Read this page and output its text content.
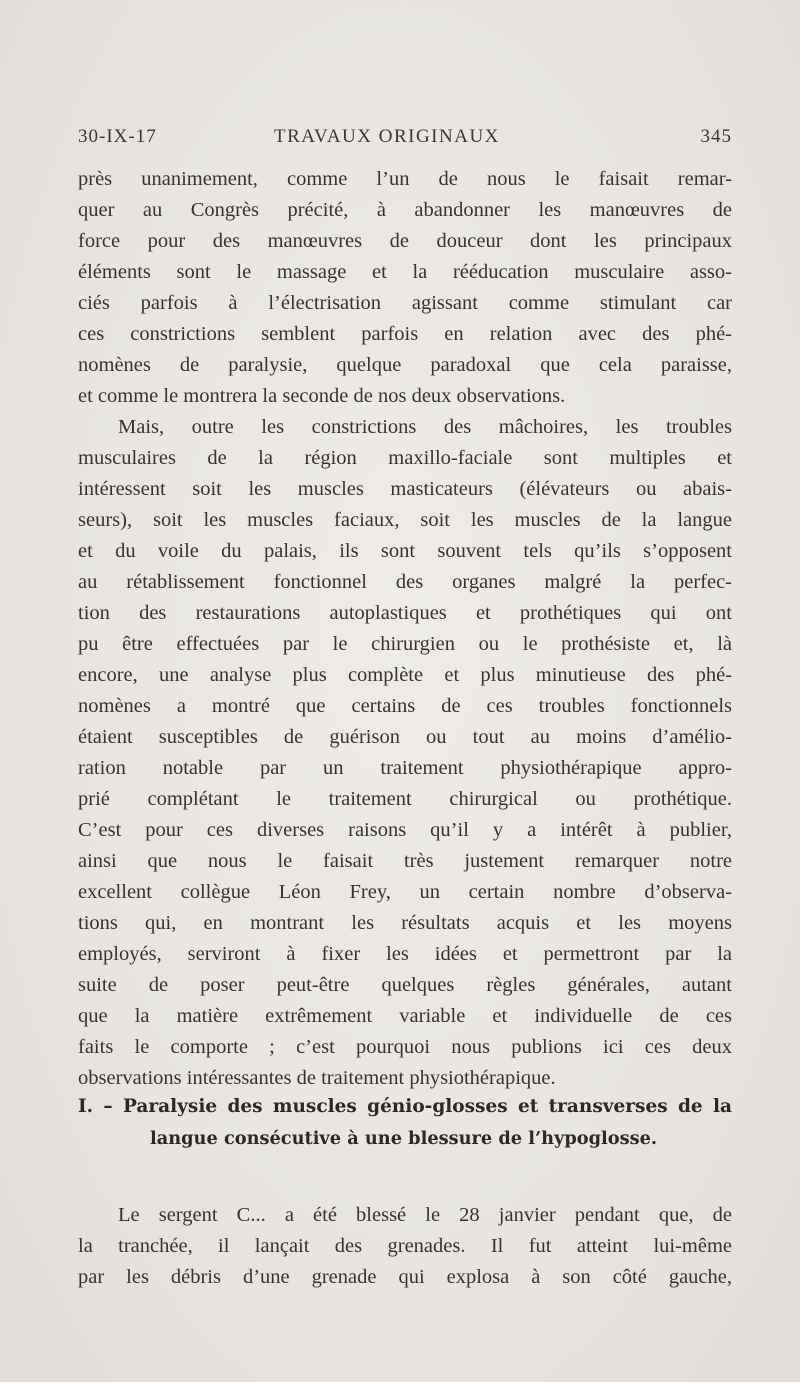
30-IX-17	TRAVAUX ORIGINAUX	345
près unanimement, comme l’un de nous le faisait remar-
quer au Congrès précité, à abandonner les manœuvres de
force pour des manœuvres de douceur dont les principaux
éléments sont le massage et la rééducation musculaire asso-
ciés parfois à l’électrisation agissant comme stimulant car
ces constrictions semblent parfois en relation avec des phé-
nomènes de paralysie, quelque paradoxal que cela paraisse,
et comme le montrera la seconde de nos deux observations.
Mais, outre les constrictions des mâchoires, les troubles
musculaires de la région maxillo-faciale sont multiples et
intéressent soit les muscles masticateurs (élévateurs ou abais-
seurs), soit les muscles faciaux, soit les muscles de la langue
et du voile du palais, ils sont souvent tels qu’ils s’opposent
au rétablissement fonctionnel des organes malgré la perfec-
tion des restaurations autoplastiques et prothétiques qui ont
pu être effectuées par le chirurgien ou le prothésiste et, là
encore, une analyse plus complète et plus minutieuse des phé-
nomènes a montré que certains de ces troubles fonctionnels
étaient susceptibles de guérison ou tout au moins d’amélio-
ration notable par un traitement physiothérapique appro-
prié complétant le traitement chirurgical ou prothétique.
C’est pour ces diverses raisons qu’il y a intérêt à publier,
ainsi que nous le faisait très justement remarquer notre
excellent collègue Léon Frey, un certain nombre d’observa-
tions qui, en montrant les résultats acquis et les moyens
employés, serviront à fixer les idées et permettront par la
suite de poser peut-être quelques règles générales, autant
que la matière extrêmement variable et individuelle de ces
faits le comporte ; c’est pourquoi nous publions ici ces deux
observations intéressantes de traitement physiothérapique.
I. – Paralysie des muscles génio-glosses et transverses de la
langue consécutive à une blessure de l’hypoglosse.
Le sergent C... a été blessé le 28 janvier pendant que, de
la tranchée, il lançait des grenades. Il fut atteint lui-même
par les débris d’une grenade qui explosa à son côté gauche,
